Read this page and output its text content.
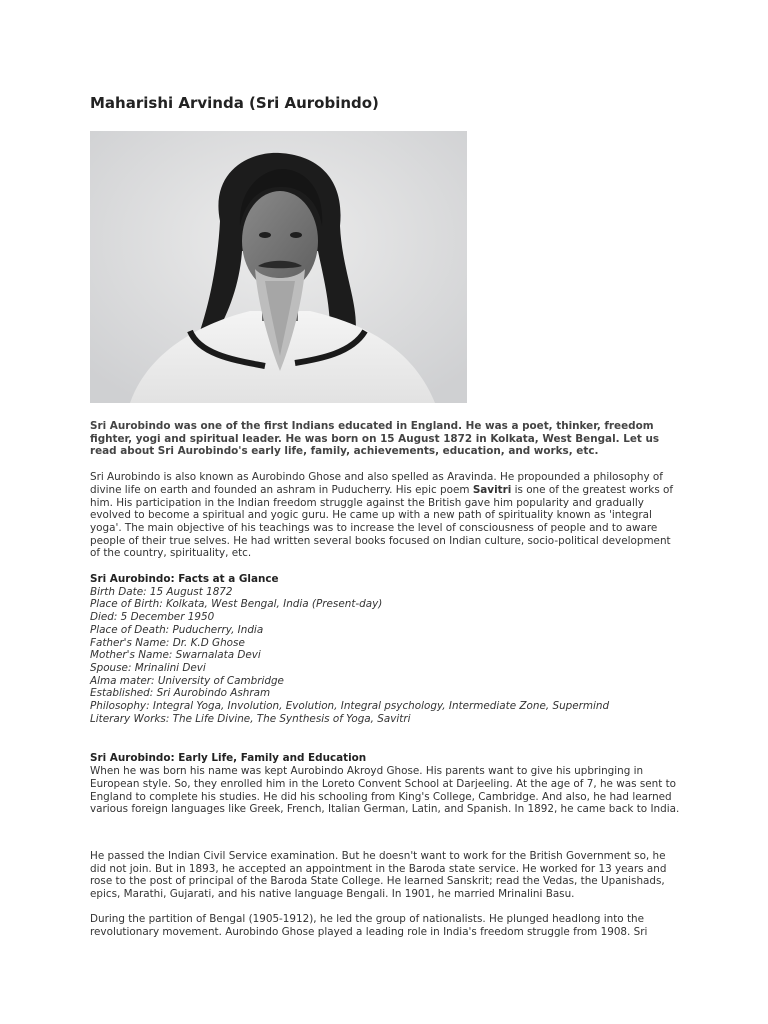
Maharishi Arvinda (Sri Aurobindo)

Sri Aurobindo was one of the first Indians educated in England. He was a poet, thinker, freedom fighter, yogi and spiritual leader. He was born on 15 August 1872 in Kolkata, West Bengal. Let us read about Sri Aurobindo's early life, family, achievements, education, and works, etc.

Sri Aurobindo is also known as Aurobindo Ghose and also spelled as Aravinda. He propounded a philosophy of divine life on earth and founded an ashram in Puducherry. His epic poem Savitri is one of the greatest works of him. His participation in the Indian freedom struggle against the British gave him popularity and gradually evolved to become a spiritual and yogic guru. He came up with a new path of spirituality known as 'integral yoga'. The main objective of his teachings was to increase the level of consciousness of people and to aware people of their true selves. He had written several books focused on Indian culture, socio-political development of the country, spirituality, etc.

Sri Aurobindo: Facts at a Glance
Birth Date: 15 August 1872
Place of Birth: Kolkata, West Bengal, India (Present-day)
Died: 5 December 1950
Place of Death: Puducherry, India
Father's Name: Dr. K.D Ghose
Mother's Name: Swarnalata Devi
Spouse: Mrinalini Devi
Alma mater: University of Cambridge
Established: Sri Aurobindo Ashram
Philosophy: Integral Yoga, Involution, Evolution, Integral psychology, Intermediate Zone, Supermind
Literary Works: The Life Divine, The Synthesis of Yoga, Savitri
Sri Aurobindo: Early Life, Family and Education

When he was born his name was kept Aurobindo Akroyd Ghose. His parents want to give his upbringing in European style. So, they enrolled him in the Loreto Convent School at Darjeeling. At the age of 7, he was sent to England to complete his studies. He did his schooling from King's College, Cambridge. And also, he had learned various foreign languages like Greek, French, Italian German, Latin, and Spanish. In 1892, he came back to India.

He passed the Indian Civil Service examination. But he doesn't want to work for the British Government so, he did not join. But in 1893, he accepted an appointment in the Baroda state service. He worked for 13 years and rose to the post of principal of the Baroda State College. He learned Sanskrit; read the Vedas, the Upanishads, epics, Marathi, Gujarati, and his native language Bengali. In 1901, he married Mrinalini Basu.

During the partition of Bengal (1905-1912), he led the group of nationalists. He plunged headlong into the revolutionary movement. Aurobindo Ghose played a leading role in India's freedom struggle from 1908. Sri
